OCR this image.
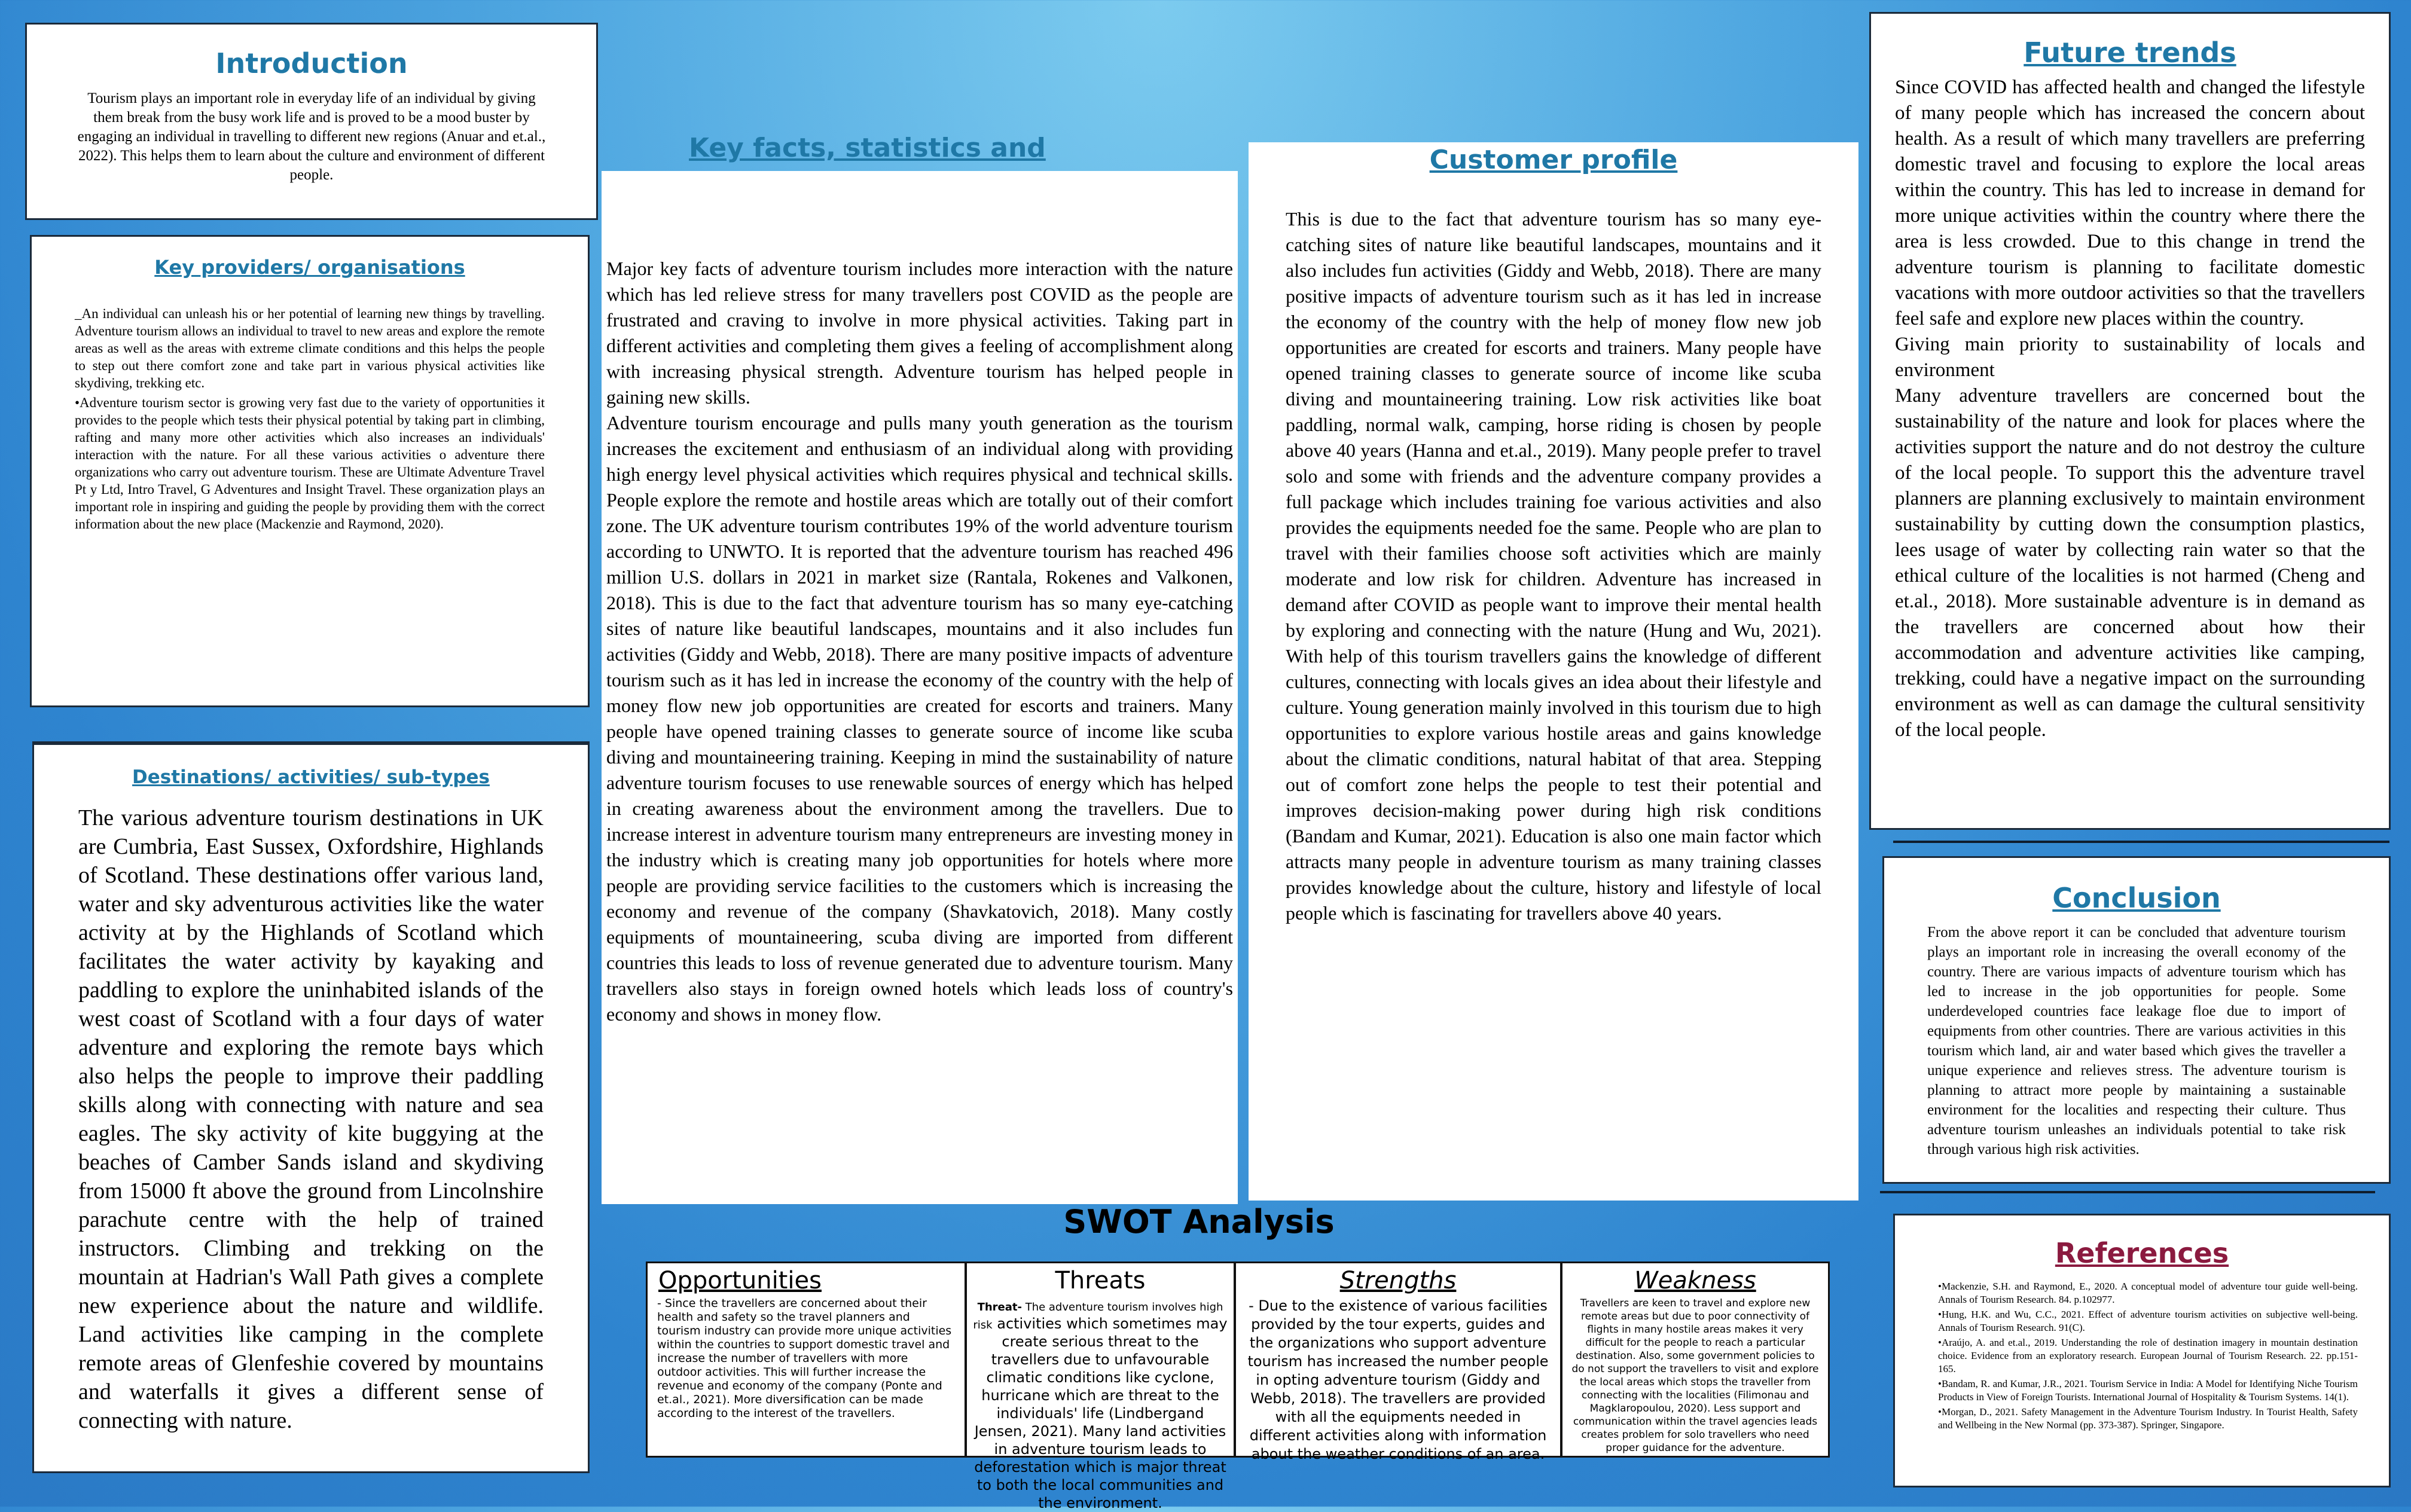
Introduction

Tourism plays an important role in everyday life of an individual by giving them break from the busy work life and is proved to be a mood buster by engaging an individual in travelling to different new regions (Anuar and et.al., 2022). This helps them to learn about the culture and environment of different people.

Key providers/ organisations

_An individual can unleash his or her potential of learning new things by travelling. Adventure tourism allows an individual to travel to new areas and explore the remote areas as well as the areas with extreme climate conditions and this helps the people to step out there comfort zone and take part in various physical activities like skydiving, trekking etc.

•Adventure tourism sector is growing very fast due to the variety of opportunities it provides to the people which tests their physical potential by taking part in climbing, rafting and many more other activities which also increases an individuals' interaction with the nature. For all these various activities o adventure there organizations who carry out adventure tourism. These are Ultimate Adventure Travel Pt y Ltd, Intro Travel, G Adventures and Insight Travel. These organization plays an important role in inspiring and guiding the people by providing them with the correct information about the new place (Mackenzie and Raymond, 2020).

Destinations/ activities/ sub-types

The various adventure tourism destinations in UK are Cumbria, East Sussex, Oxfordshire, Highlands of Scotland. These destinations offer various land, water and sky adventurous activities like the water activity at by the Highlands of Scotland which facilitates the water activity by kayaking and paddling to explore the uninhabited islands of the west coast of Scotland with a four days of water adventure and exploring the remote bays which also helps the people to improve their paddling skills along with connecting with nature and sea eagles. The sky activity of kite buggying at the beaches of Camber Sands island and skydiving from 15000 ft above the ground from Lincolnshire parachute centre with the help of trained instructors. Climbing and trekking on the mountain at Hadrian's Wall Path gives a complete new experience about the nature and wildlife. Land activities like camping in the complete remote areas of Glenfeshie covered by mountains and waterfalls it gives a different sense of connecting with nature.

Key facts, statistics and

Major key facts of adventure tourism includes more interaction with the nature which has led relieve stress for many travellers post COVID as the people are frustrated and craving to involve in more physical activities. Taking part in different activities and completing them gives a feeling of accomplishment along with increasing physical strength. Adventure tourism has helped people in gaining new skills.

Adventure tourism encourage and pulls many youth generation as the tourism increases the excitement and enthusiasm of an individual along with providing high energy level physical activities which requires physical and technical skills. People explore the remote and hostile areas which are totally out of their comfort zone. The UK adventure tourism contributes 19% of the world adventure tourism according to UNWTO. It is reported that the adventure tourism has reached 496 million U.S. dollars in 2021 in market size (Rantala, Rokenes and Valkonen, 2018). This is due to the fact that adventure tourism has so many eye-catching sites of nature like beautiful landscapes, mountains and it also includes fun activities (Giddy and Webb, 2018). There are many positive impacts of adventure tourism such as it has led in increase the economy of the country with the help of money flow new job opportunities are created for escorts and trainers. Many people have opened training classes to generate source of income like scuba diving and mountaineering training. Keeping in mind the sustainability of nature adventure tourism focuses to use renewable sources of energy which has helped in creating awareness about the environment among the travellers. Due to increase interest in adventure tourism many entrepreneurs are investing money in the industry which is creating many job opportunities for hotels where more people are providing service facilities to the customers which is increasing the economy and revenue of the company (Shavkatovich, 2018). Many costly equipments of mountaineering, scuba diving are imported from different countries this leads to loss of revenue generated due to adventure tourism. Many travellers also stays in foreign owned hotels which leads loss of country's economy and shows in money flow.

Customer profile

This is due to the fact that adventure tourism has so many eye-catching sites of nature like beautiful landscapes, mountains and it also includes fun activities (Giddy and Webb, 2018). There are many positive impacts of adventure tourism such as it has led in increase the economy of the country with the help of money flow new job opportunities are created for escorts and trainers. Many people have opened training classes to generate source of income like scuba diving and mountaineering training. Low risk activities like boat paddling, normal walk, camping, horse riding is chosen by people above 40 years (Hanna and et.al., 2019). Many people prefer to travel solo and some with friends and the adventure company provides a full package which includes training foe various activities and also provides the equipments needed foe the same. People who are plan to travel with their families choose soft activities which are mainly moderate and low risk for children. Adventure has increased in demand after COVID as people want to improve their mental health by exploring and connecting with the nature (Hung and Wu, 2021). With help of this tourism travellers gains the knowledge of different cultures, connecting with locals gives an idea about their lifestyle and culture. Young generation mainly involved in this tourism due to high opportunities to explore various hostile areas and gains knowledge about the climatic conditions, natural habitat of that area. Stepping out of comfort zone helps the people to test their potential and improves decision-making power during high risk conditions (Bandam and Kumar, 2021). Education is also one main factor which attracts many people in adventure tourism as many training classes provides knowledge about the culture, history and lifestyle of local people which is fascinating for travellers above 40 years.

Future trends

Since COVID has affected health and changed the lifestyle of many people which has increased the concern about health. As a result of which many travellers are preferring domestic travel and focusing to explore the local areas within the country. This has led to increase in demand for more unique activities within the country where there the area is less crowded. Due to this change in trend the adventure tourism is planning to facilitate domestic vacations with more outdoor activities so that the travellers feel safe and explore new places within the country.

Giving main priority to sustainability of locals and environment

Many adventure travellers are concerned bout the sustainability of the nature and look for places where the activities support the nature and do not destroy the culture of the local people. To support this the adventure travel planners are planning exclusively to maintain environment sustainability by cutting down the consumption plastics, lees usage of water by collecting rain water so that the ethical culture of the localities is not harmed (Cheng and et.al., 2018). More sustainable adventure is in demand as the travellers are concerned about how their accommodation and adventure activities like camping, trekking, could have a negative impact on the surrounding environment as well as can damage the cultural sensitivity of the local people.

Conclusion

From the above report it can be concluded that adventure tourism plays an important role in increasing the overall economy of the country. There are various impacts of adventure tourism which has led to increase in the job opportunities for people. Some underdeveloped countries face leakage floe due to import of equipments from other countries. There are various activities in this tourism which land, air and water based which gives the traveller a unique experience and relieves stress. The adventure tourism is planning to attract more people by maintaining a sustainable environment for the localities and respecting their culture. Thus adventure tourism unleashes an individuals potential to take risk through various high risk activities.

References

•Mackenzie, S.H. and Raymond, E., 2020. A conceptual model of adventure tour guide well-being. Annals of Tourism Research. 84. p.102977.

•Hung, H.K. and Wu, C.C., 2021. Effect of adventure tourism activities on subjective well-being. Annals of Tourism Research. 91(C).

•Araújo, A. and et.al., 2019. Understanding the role of destination imagery in mountain destination choice. Evidence from an exploratory research. European Journal of Tourism Research. 22. pp.151-165.

•Bandam, R. and Kumar, J.R., 2021. Tourism Service in India: A Model for Identifying Niche Tourism Products in View of Foreign Tourists. International Journal of Hospitality & Tourism Systems. 14(1).

•Morgan, D., 2021. Safety Management in the Adventure Tourism Industry. In Tourist Health, Safety and Wellbeing in the New Normal (pp. 373-387). Springer, Singapore.

SWOT Analysis
Opportunities
- Since the travellers are concerned about their health and safety so the travel planners and tourism industry can provide more unique activities within the countries to support domestic travel and increase the number of travellers with more outdoor activities. This will further increase the revenue and economy of the company (Ponte and et.al., 2021). More diversification can be made according to the interest of the travellers.
Threats
Threat- The adventure tourism involves high risk activities which sometimes may create serious threat to the travellers due to unfavourable climatic conditions like cyclone, hurricane which are threat to the individuals' life (Lindbergand Jensen, 2021). Many land activities in adventure tourism leads to deforestation which is major threat to both the local communities and the environment.
Strengths
- Due to the existence of various facilities provided by the tour experts, guides and the organizations who support adventure tourism has increased the number people in opting adventure tourism (Giddy and Webb, 2018). The travellers are provided with all the equipments needed in different activities along with information about the weather conditions of an area.
Weakness
Travellers are keen to travel and explore new remote areas but due to poor connectivity of flights in many hostile areas makes it very difficult for the people to reach a particular destination. Also, some government policies to do not support the travellers to visit and explore the local areas which stops the traveller from connecting with the localities (Filimonau and Magklaropoulou, 2020). Less support and communication within the travel agencies leads creates problem for solo travellers who need proper guidance for the adventure.
